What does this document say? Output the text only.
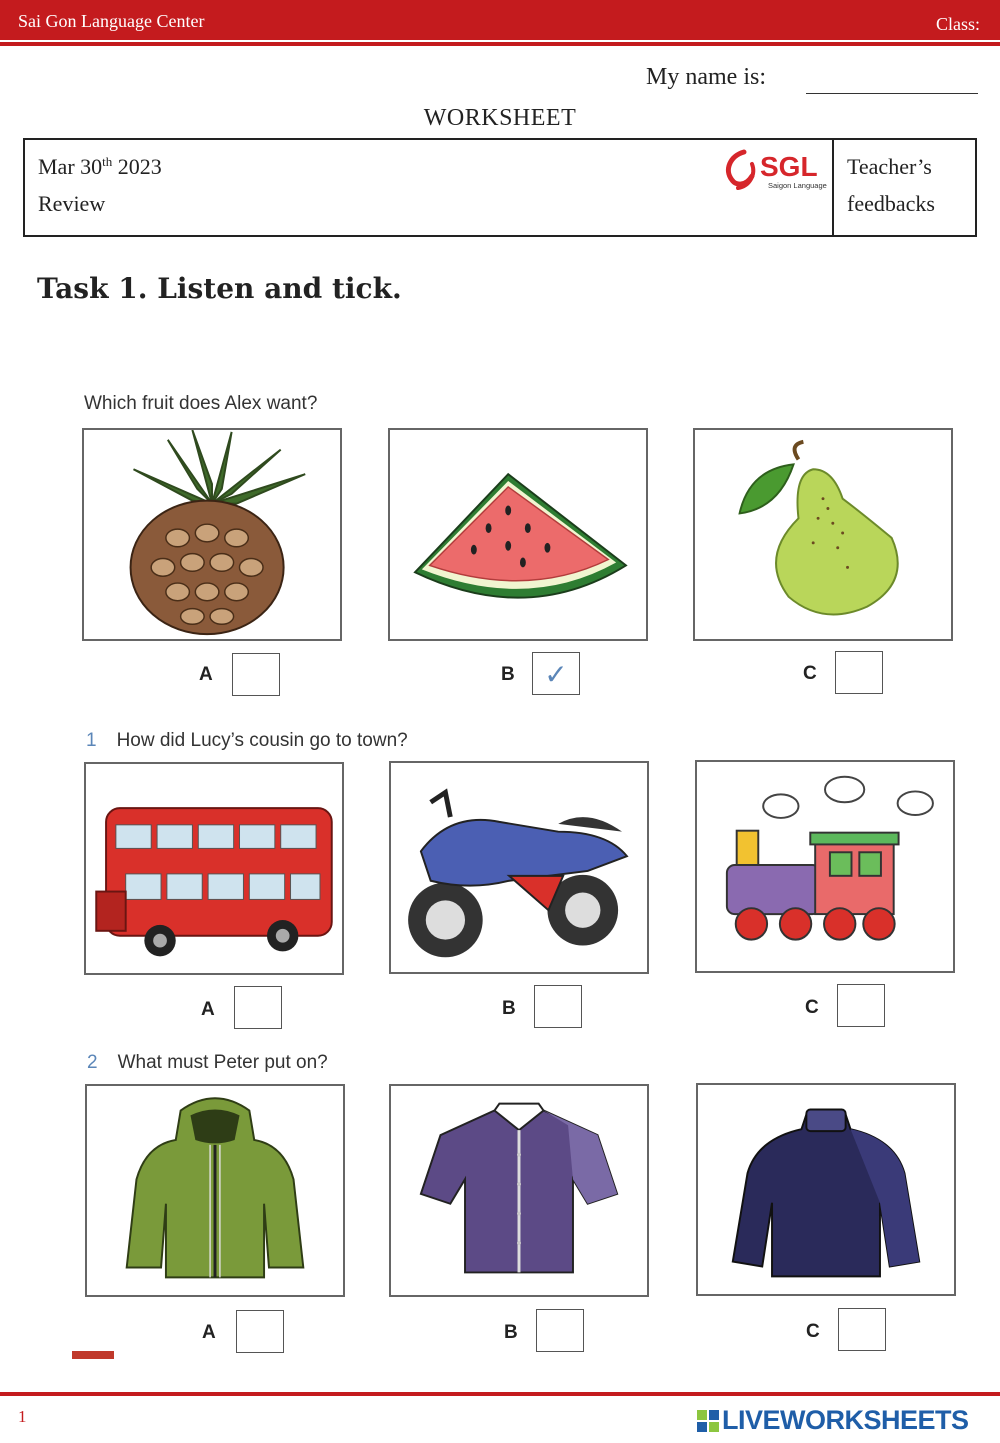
Sai Gon Language Center	Class:
My name is:
WORKSHEET
Mar 30th 2023
Review
SGL
Saigon Language
Teacher’s
feedbacks
Task 1. Listen and tick.
Which fruit does Alex want?
A	B	✓	C
1 How did Lucy’s cousin go to town?
A	B	C
2 What must Peter put on?
A	B	C
1	LIVEWORKSHEETS
